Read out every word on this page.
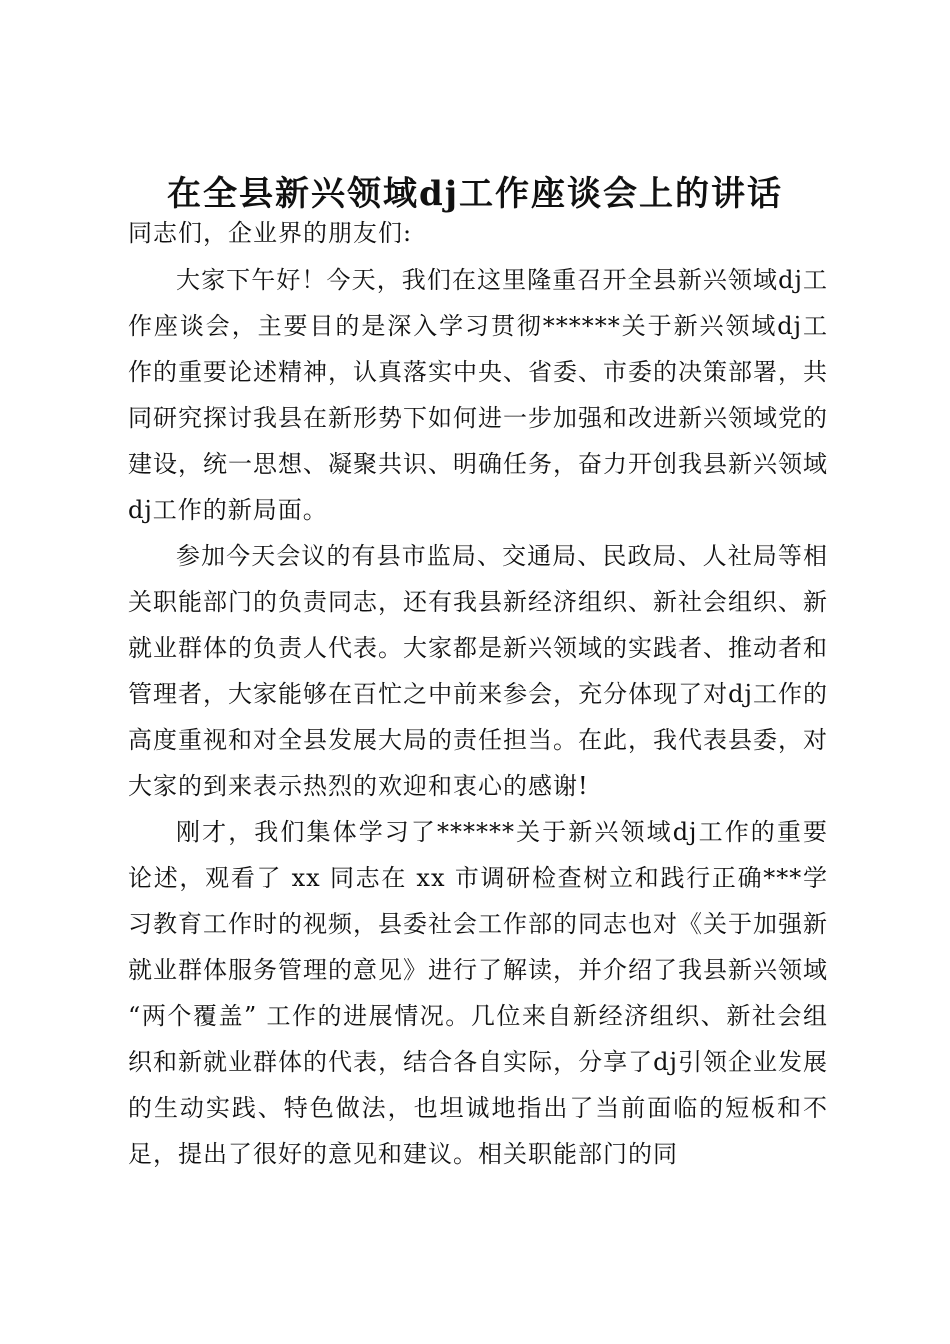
在全县新兴领域dj工作座谈会上的讲话

同志们，企业界的朋友们:

大家下午好！今天，我们在这里隆重召开全县新兴领域dj工作座谈会，主要目的是深入学习贯彻******关于新兴领域dj工作的重要论述精神，认真落实中央、省委、市委的决策部署，共同研究探讨我县在新形势下如何进一步加强和改进新兴领域党的建设，统一思想、凝聚共识、明确任务，奋力开创我县新兴领域dj工作的新局面。

参加今天会议的有县市监局、交通局、民政局、人社局等相关职能部门的负责同志，还有我县新经济组织、新社会组织、新就业群体的负责人代表。大家都是新兴领域的实践者、推动者和管理者，大家能够在百忙之中前来参会，充分体现了对dj工作的高度重视和对全县发展大局的责任担当。在此，我代表县委，对大家的到来表示热烈的欢迎和衷心的感谢!

刚才，我们集体学习了******关于新兴领域dj工作的重要论述，观看了 xx 同志在 xx 市调研检查树立和践行正确***学习教育工作时的视频，县委社会工作部的同志也对《关于加强新就业群体服务管理的意见》进行了解读，并介绍了我县新兴领域 “两个覆盖” 工作的进展情况。几位来自新经济组织、新社会组织和新就业群体的代表，结合各自实际，分享了dj引领企业发展的生动实践、特色做法，也坦诚地指出了当前面临的短板和不足，提出了很好的意见和建议。相关职能部门的同
